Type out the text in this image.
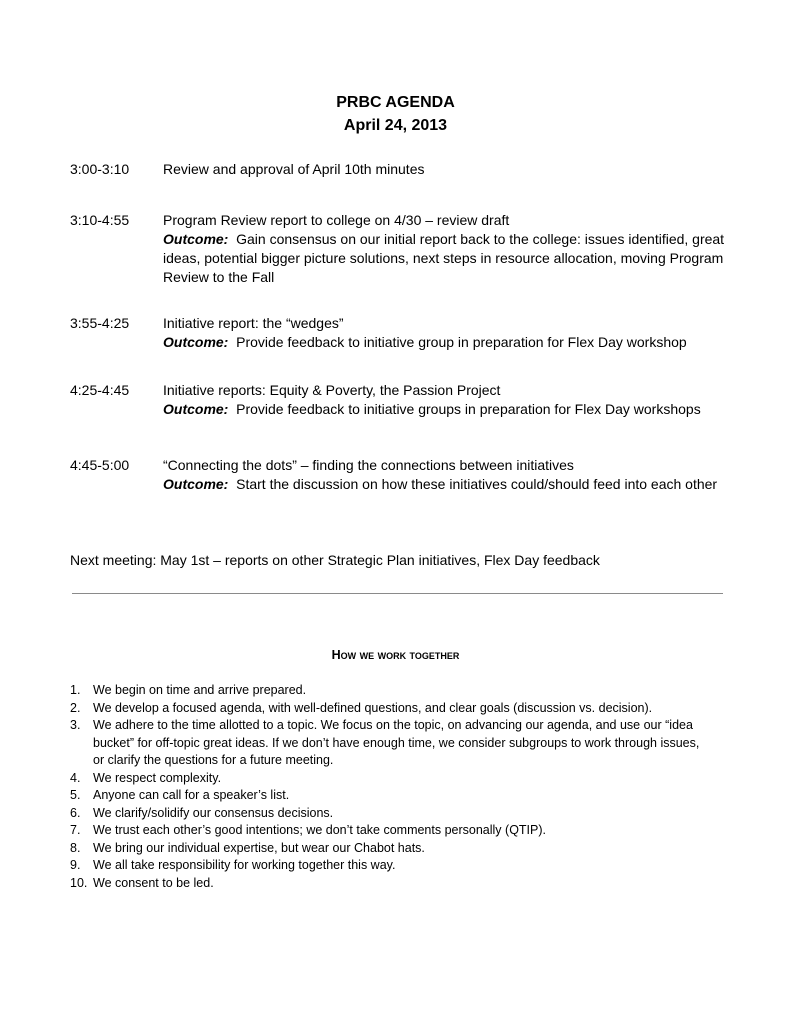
PRBC AGENDA
April 24, 2013
3:00-3:10 Review and approval of April 10th minutes
3:10-4:55 Program Review report to college on 4/30 – review draft
Outcome: Gain consensus on our initial report back to the college: issues identified, great ideas, potential bigger picture solutions, next steps in resource allocation, moving Program Review to the Fall
3:55-4:25 Initiative report: the “wedges”
Outcome: Provide feedback to initiative group in preparation for Flex Day workshop
4:25-4:45 Initiative reports: Equity & Poverty, the Passion Project
Outcome: Provide feedback to initiative groups in preparation for Flex Day workshops
4:45-5:00 “Connecting the dots” – finding the connections between initiatives
Outcome: Start the discussion on how these initiatives could/should feed into each other
Next meeting: May 1st – reports on other Strategic Plan initiatives, Flex Day feedback
How we work together
1. We begin on time and arrive prepared.
2. We develop a focused agenda, with well-defined questions, and clear goals (discussion vs. decision).
3. We adhere to the time allotted to a topic. We focus on the topic, on advancing our agenda, and use our “idea bucket” for off-topic great ideas. If we don’t have enough time, we consider subgroups to work through issues, or clarify the questions for a future meeting.
4. We respect complexity.
5. Anyone can call for a speaker’s list.
6. We clarify/solidify our consensus decisions.
7. We trust each other’s good intentions; we don’t take comments personally (QTIP).
8. We bring our individual expertise, but wear our Chabot hats.
9. We all take responsibility for working together this way.
10. We consent to be led.
